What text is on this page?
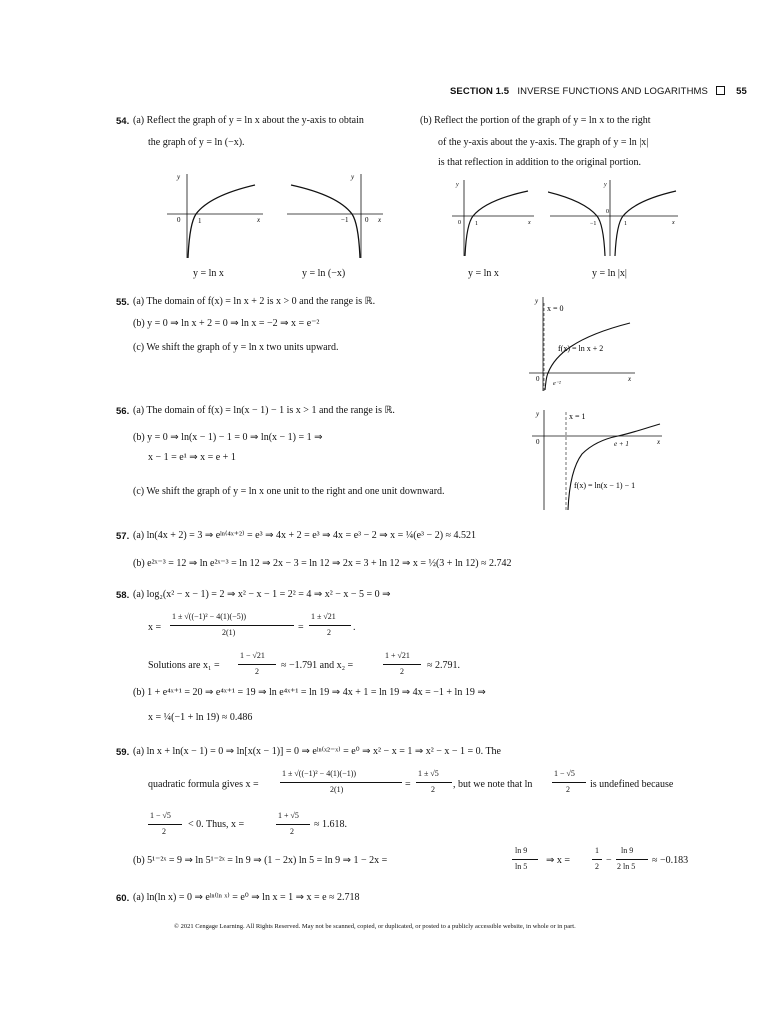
SECTION 1.5 INVERSE FUNCTIONS AND LOGARITHMS	55
54. (a) Reflect the graph of y = ln x about the y-axis to obtain
the graph of y = ln (−x).
(b) Reflect the portion of the graph of y = ln x to the right
of the y-axis about the y-axis. The graph of y = ln |x|
is that reflection in addition to the original portion.
y
x
0	1
y
x
0
−1
y
x
0 1
y
x
0
−1	1
y = ln x	y = ln (−x)	y = ln x	y = ln |x|
55. (a) The domain of f(x) = ln x + 2 is x > 0 and the range is ℝ.
(b) y = 0 ⇒ ln x + 2 = 0 ⇒ ln x = −2 ⇒ x = e⁻²
(c) We shift the graph of y = ln x two units upward.
y
x
0
x = 0
f(x) = ln x + 2
e⁻²
56. (a) The domain of f(x) = ln(x − 1) − 1 is x > 1 and the range is ℝ.
(b) y = 0 ⇒ ln(x − 1) − 1 = 0 ⇒ ln(x − 1) = 1 ⇒
x − 1 = e¹ ⇒ x = e + 1
(c) We shift the graph of y = ln x one unit to the right and one unit downward.
y
x
0
x = 1
e + 1
f(x) = ln(x − 1) − 1
57. (a) ln(4x + 2) = 3 ⇒ eˡⁿ⁽⁴ˣ⁺²⁾ = e³ ⇒ 4x + 2 = e³ ⇒ 4x = e³ − 2 ⇒ x = ¼(e³ − 2) ≈ 4.521
(b) e²ˣ⁻³ = 12 ⇒ ln e²ˣ⁻³ = ln 12 ⇒ 2x − 3 = ln 12 ⇒ 2x = 3 + ln 12 ⇒ x = ½(3 + ln 12) ≈ 2.742
58. (a) log₂(x² − x − 1) = 2 ⇒ x² − x − 1 = 2² = 4 ⇒ x² − x − 5 = 0 ⇒
x =
1 ± √((−1)² − 4(1)(−5))
2(1)	=
1 ± √21
2 .
Solutions are x₁ =
1 − √21
2
≈ −1.791 and x₂ =
1 + √21
2
≈ 2.791.
(b) 1 + e⁴ˣ⁺¹ = 20 ⇒ e⁴ˣ⁺¹ = 19 ⇒ ln e⁴ˣ⁺¹ = ln 19 ⇒ 4x + 1 = ln 19 ⇒ 4x = −1 + ln 19 ⇒
x = ¼(−1 + ln 19) ≈ 0.486
59. (a) ln x + ln(x − 1) = 0 ⇒ ln[x(x − 1)] = 0 ⇒ eˡⁿ⁽ˣ²⁻ˣ⁾ = e⁰ ⇒ x² − x = 1 ⇒ x² − x − 1 = 0. The
quadratic formula gives x =
1 ± √((−1)² − 4(1)(−1))
2(1)	=
1 ± √5
2 , but we note that ln
1 − √5
2 is undefined because
1 − √5
2
< 0. Thus, x =
1 + √5
2
≈ 1.618.
(b) 5¹⁻²ˣ = 9 ⇒ ln 5¹⁻²ˣ = ln 9 ⇒ (1 − 2x) ln 5 = ln 9 ⇒ 1 − 2x =
ln 9
ln 5
⇒ x =
1
2
−
ln 9
2 ln 5
≈ −0.183
60. (a) ln(ln x) = 0 ⇒ eˡⁿ⁽ˡⁿ ˣ⁾ = e⁰ ⇒ ln x = 1 ⇒ x = e ≈ 2.718
© 2021 Cengage Learning. All Rights Reserved. May not be scanned, copied, or duplicated, or posted to a publicly accessible website, in whole or in part.
